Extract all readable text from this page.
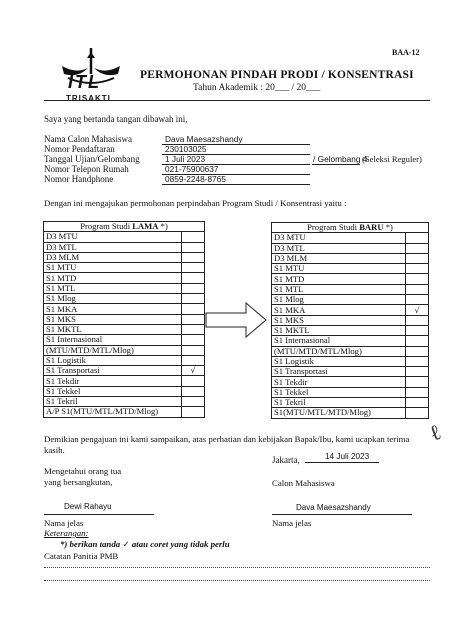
BAA-12
ITL
TRISAKTI
PERMOHONAN PINDAH PRODI / KONSENTRASI
Tahun Akademik : 20___ / 20___
Saya yang bertanda tangan dibawah ini,
Nama Calon Mahasiswa	Dava Maesazshandy
Nomor Pendaftaran	230103025
Tanggal Ujian/Gelombang	1 Juli 2023	/ Gelombang 4
(Seleksi Reguler)
Nomor Telepon Rumah	021-75900637
Nomor Handphone	0859-2248-8765
Dengan ini mengajukan permohonan perpindahan Program Studi / Konsentrasi yaitu :
Program Studi LAMA *)	
D3 MTU	
D3 MTL	
D3 MLM	
S1 MTU	
S1 MTD	
S1 MTL	
S1 Mlog	
S1 MKA	
S1 MKS	
S1 MKTL	
S1 Internasional	
(MTU/MTD/MTL/Mlog)	
S1 Logistik	
S1 Transportasi	√
S1 Tekdir	
S1 Tekkel	
S1 Tekril	
A/P S1(MTU/MTL/MTD/Mlog)	
Program Studi BARU *)	
D3 MTU	
D3 MTL	
D3 MLM	
S1 MTU	
S1 MTD	
S1 MTL	
S1 Mlog	
S1 MKA	√
S1 MKS	
S1 MKTL	
S1 Internasional	
(MTU/MTD/MTL/Mlog)	
S1 Logistik	
S1 Transportasi	
S1 Tekdir	
S1 Tekkel	
S1 Tekril	
S1(MTU/MTL/MTD/Mlog)	
Demikian pengajuan ini kami sampaikan, atas perhatian dan kebijakan Bapak/Ibu, kami ucapkan terima kasih.
ℓ
Jakarta,	14 Juli 2023
Mengetahui orang tua
yang bersangkutan,
Dewi Rahayu
Nama jelas
Calon Mahasiswa
Dava Maesazshandy
Nama jelas
Keterangan:
*) berikan tanda ✓ atau coret yang tidak perlu
Catatan Panitia PMB
